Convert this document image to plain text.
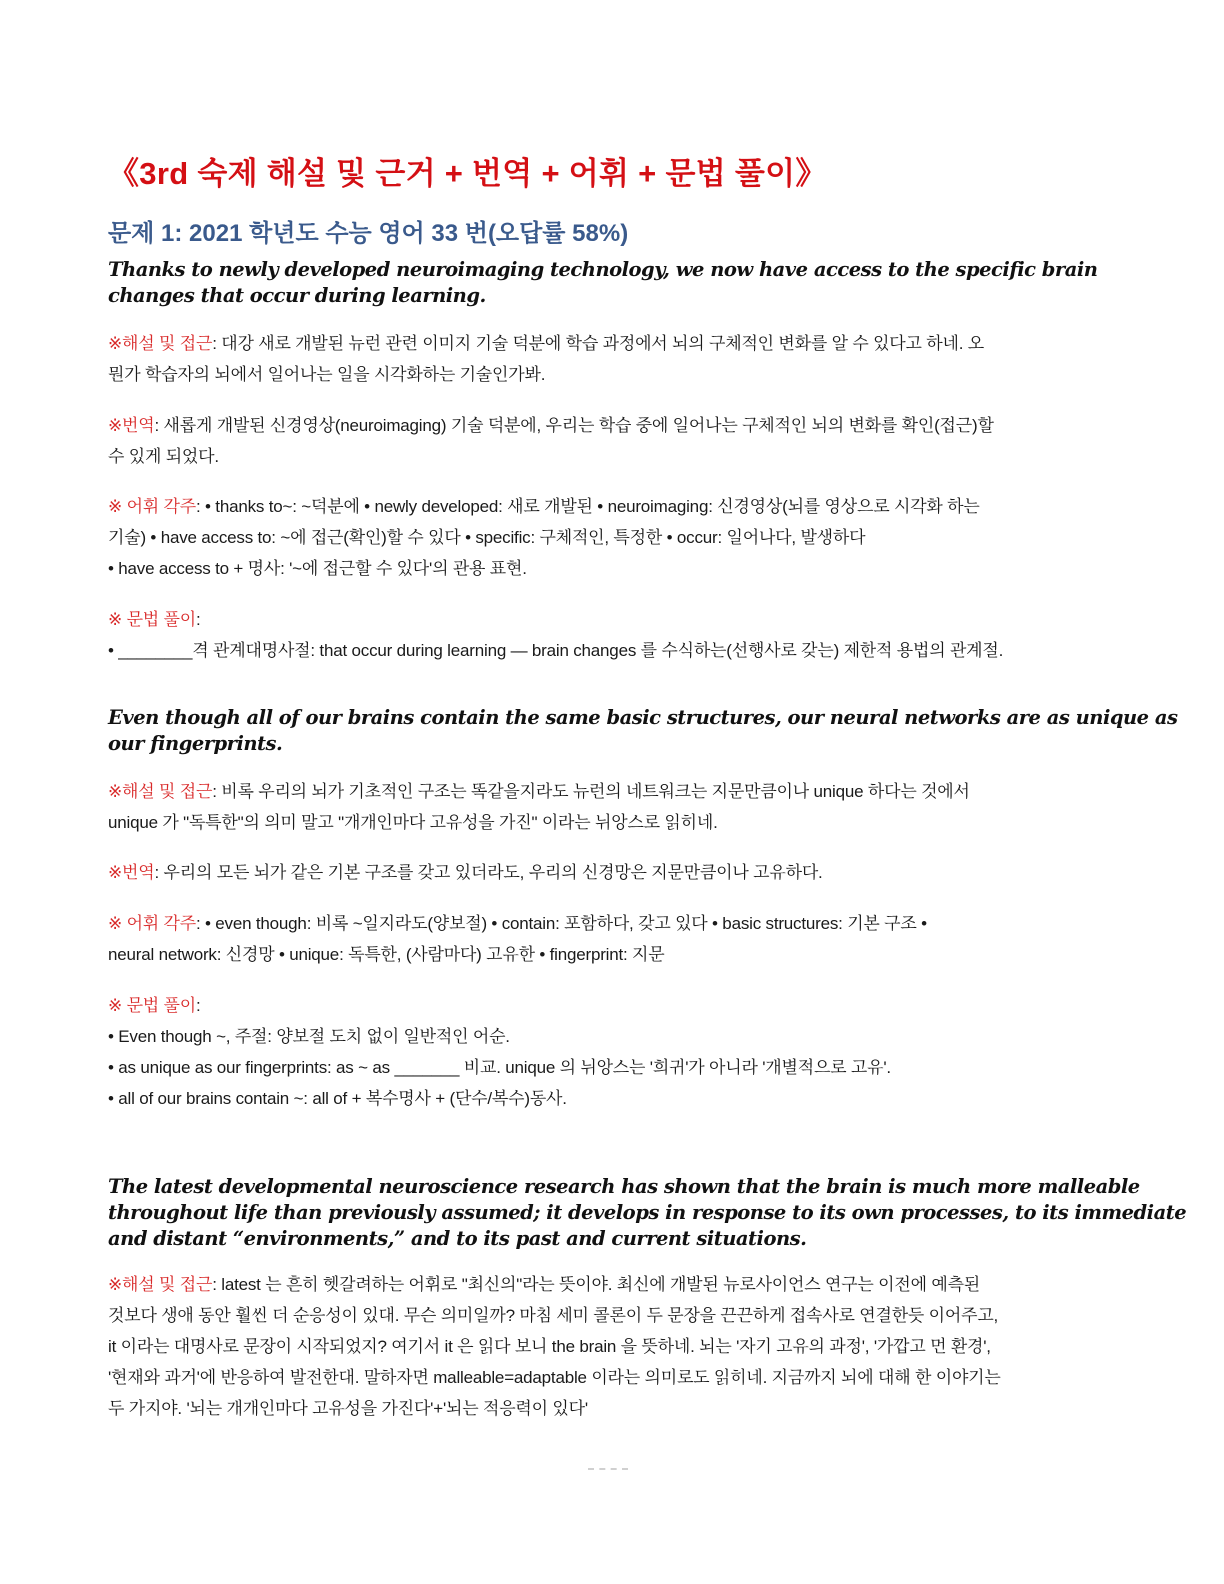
《3rd 숙제 해설 및 근거 + 번역 + 어휘 + 문법 풀이》
문제 1: 2021 학년도 수능 영어 33 번(오답률 58%)
Thanks to newly developed neuroimaging technology, we now have access to the specific brain
changes that occur during learning.
※해설 및 접근: 대강 새로 개발된 뉴런 관련 이미지 기술 덕분에 학습 과정에서 뇌의 구체적인 변화를 알 수 있다고 하네. 오
뭔가 학습자의 뇌에서 일어나는 일을 시각화하는 기술인가봐.
※번역: 새롭게 개발된 신경영상(neuroimaging) 기술 덕분에, 우리는 학습 중에 일어나는 구체적인 뇌의 변화를 확인(접근)할
수 있게 되었다.
※ 어휘 각주: • thanks to~: ~덕분에 • newly developed: 새로 개발된 • neuroimaging: 신경영상(뇌를 영상으로 시각화 하는
기술) • have access to: ~에 접근(확인)할 수 있다 • specific: 구체적인, 특정한 • occur: 일어나다, 발생하다
• have access to + 명사: '~에 접근할 수 있다'의 관용 표현.
※ 문법 풀이:
• ________격 관계대명사절: that occur during learning — brain changes 를 수식하는(선행사로 갖는) 제한적 용법의 관계절.
Even though all of our brains contain the same basic structures, our neural networks are as unique as
our fingerprints.
※해설 및 접근: 비록 우리의 뇌가 기초적인 구조는 똑같을지라도 뉴런의 네트워크는 지문만큼이나 unique 하다는 것에서
unique 가 "독특한"의 의미 말고 "개개인마다 고유성을 가진" 이라는 뉘앙스로 읽히네.
※번역: 우리의 모든 뇌가 같은 기본 구조를 갖고 있더라도, 우리의 신경망은 지문만큼이나 고유하다.
※ 어휘 각주: • even though: 비록 ~일지라도(양보절) • contain: 포함하다, 갖고 있다 • basic structures: 기본 구조 •
neural network: 신경망 • unique: 독특한, (사람마다) 고유한 • fingerprint: 지문
※ 문법 풀이:
• Even though ~, 주절: 양보절 도치 없이 일반적인 어순.
• as unique as our fingerprints: as ~ as _______ 비교. unique 의 뉘앙스는 '희귀'가 아니라 '개별적으로 고유'.
• all of our brains contain ~: all of + 복수명사 + (단수/복수)동사.
The latest developmental neuroscience research has shown that the brain is much more malleable
throughout life than previously assumed; it develops in response to its own processes, to its immediate
and distant “environments,” and to its past and current situations.
※해설 및 접근: latest 는 흔히 헷갈려하는 어휘로 "최신의"라는 뜻이야. 최신에 개발된 뉴로사이언스 연구는 이전에 예측된
것보다 생애 동안 훨씬 더 순응성이 있대. 무슨 의미일까? 마침 세미 콜론이 두 문장을 끈끈하게 접속사로 연결한듯 이어주고,
it 이라는 대명사로 문장이 시작되었지? 여기서 it 은 읽다 보니 the brain 을 뜻하네. 뇌는 '자기 고유의 과정', '가깝고 먼 환경',
'현재와 과거'에 반응하여 발전한대. 말하자면 malleable=adaptable 이라는 의미로도 읽히네. 지금까지 뇌에 대해 한 이야기는
두 가지야. '뇌는 개개인마다 고유성을 가진다'+'뇌는 적응력이 있다'
